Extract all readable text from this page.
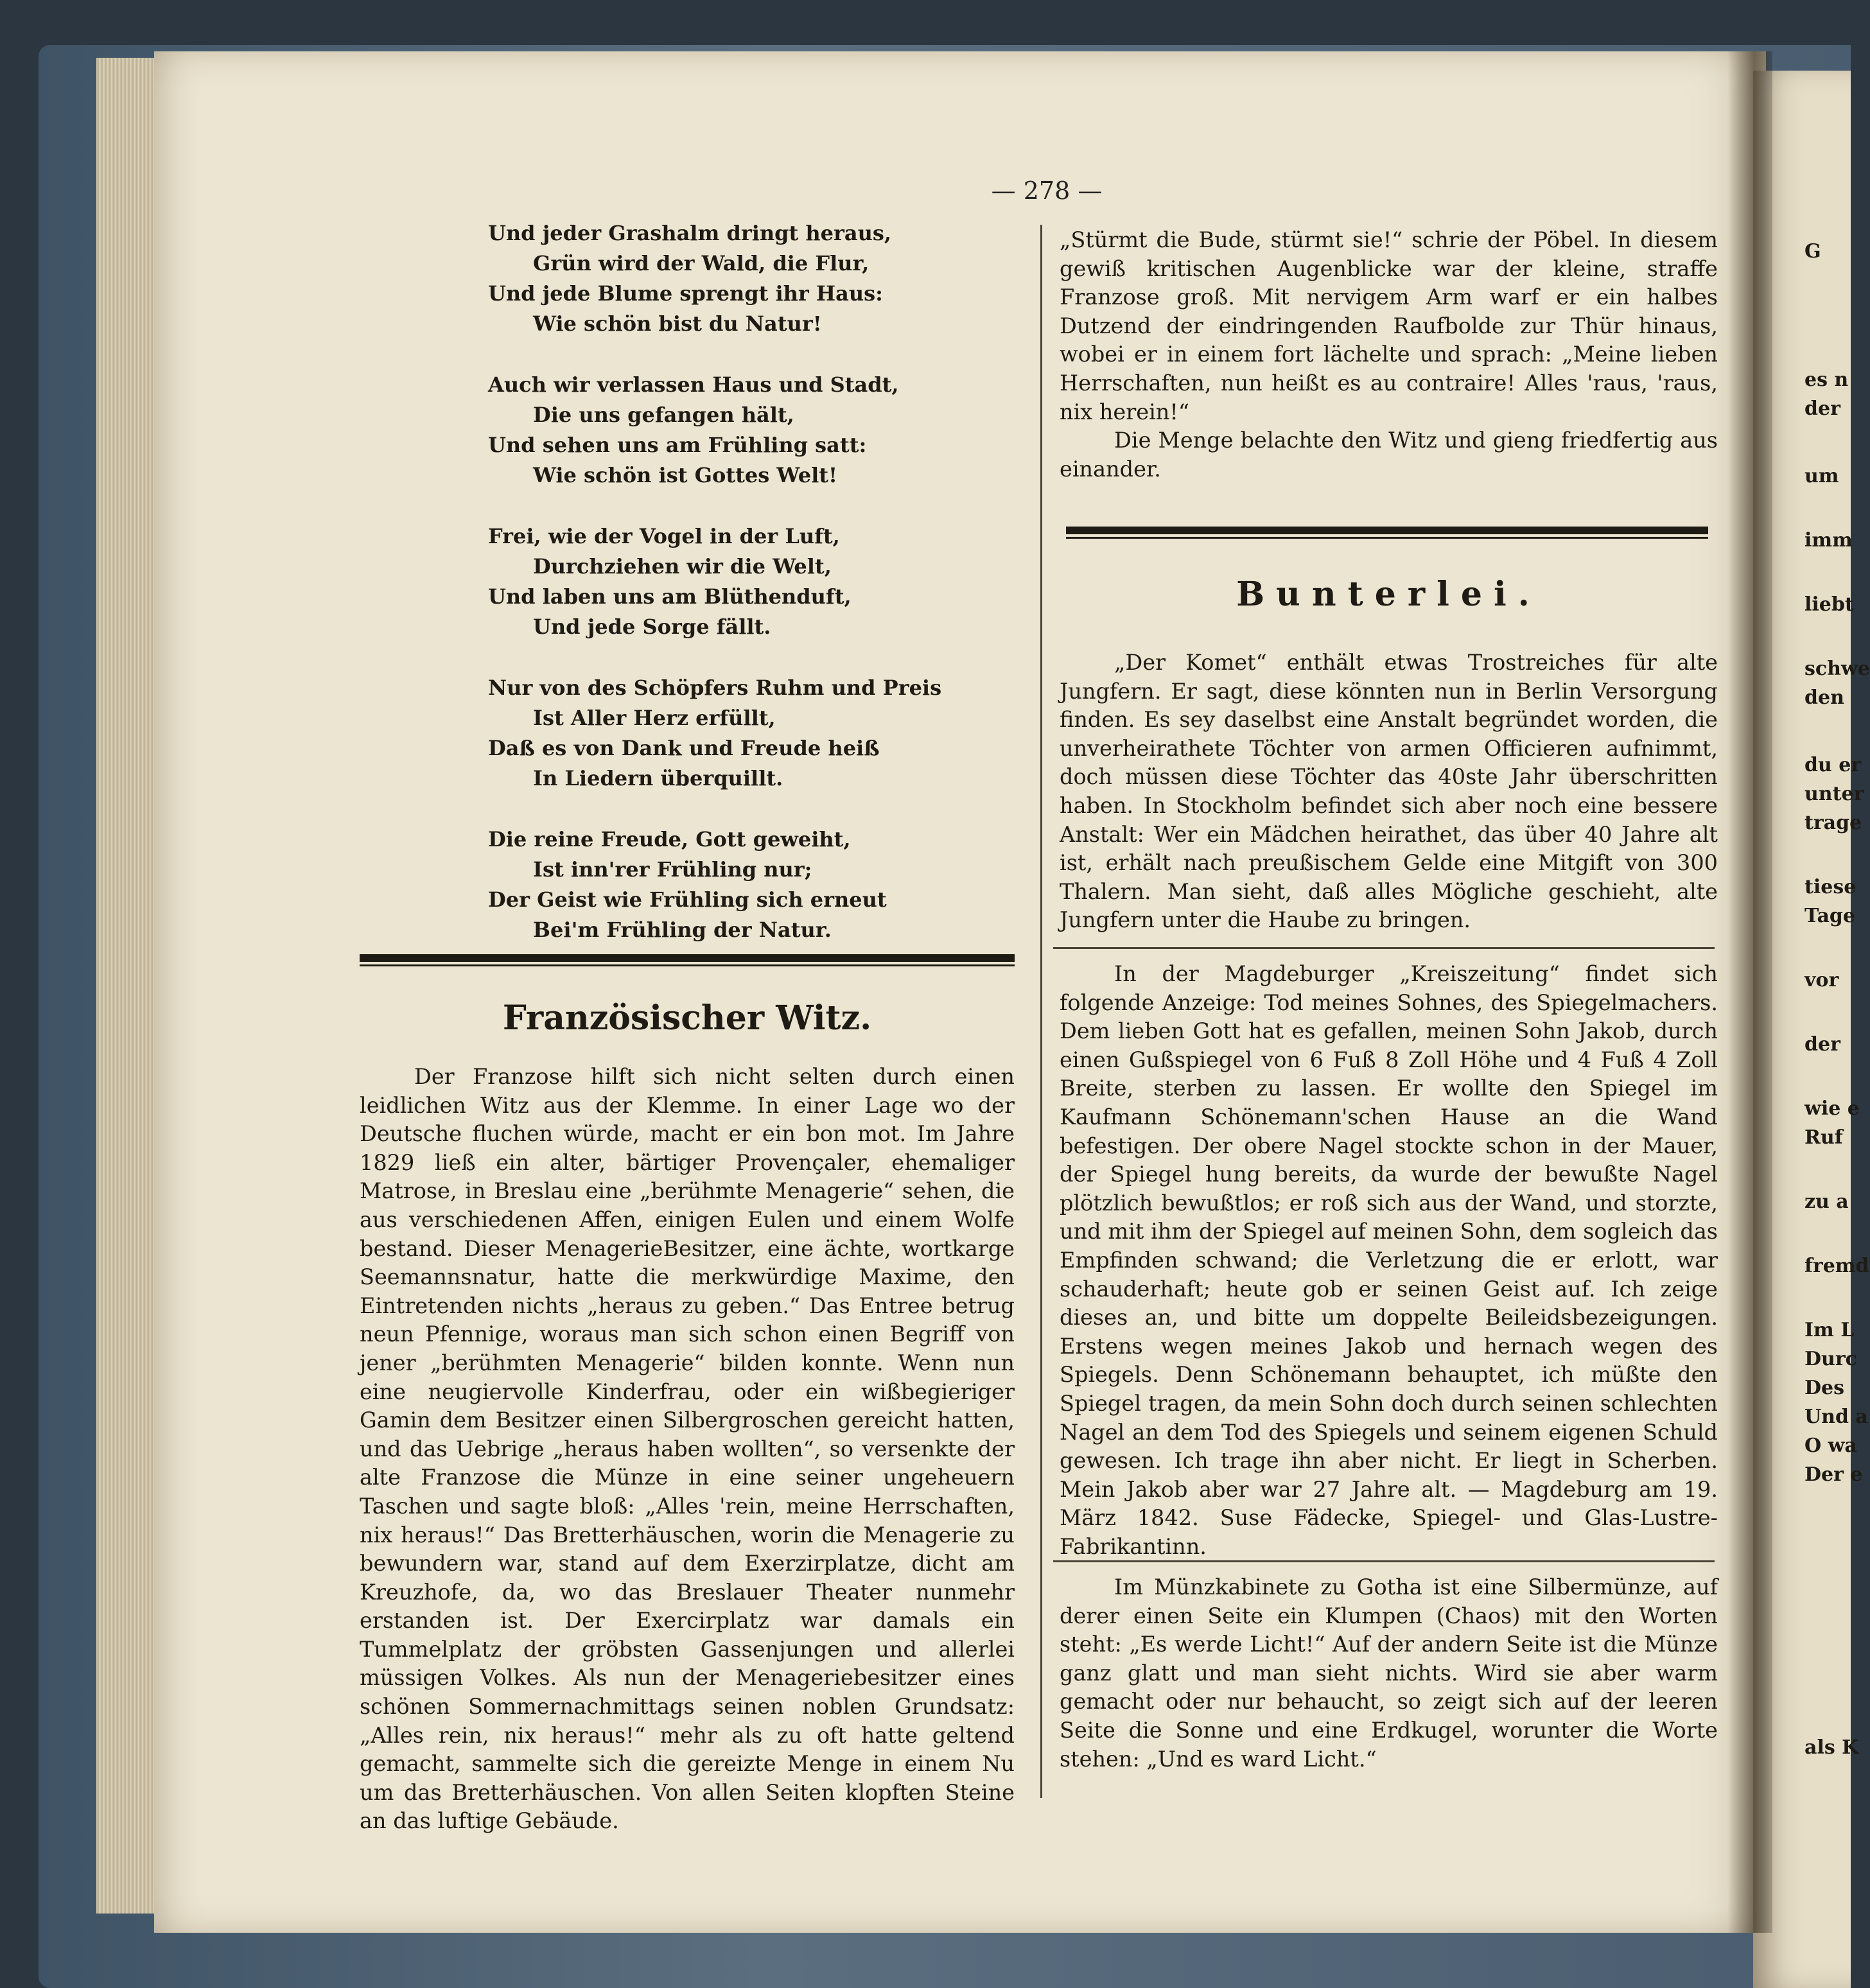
— 278 —
Und jeder Grashalm dringt heraus,
Grün wird der Wald, die Flur,
Und jede Blume sprengt ihr Haus:
Wie schön bist du Natur!
Auch wir verlassen Haus und Stadt,
Die uns gefangen hält,
Und sehen uns am Frühling satt:
Wie schön ist Gottes Welt!
Frei, wie der Vogel in der Luft,
Durchziehen wir die Welt,
Und laben uns am Blüthenduft,
Und jede Sorge fällt.
Nur von des Schöpfers Ruhm und Preis
Ist Aller Herz erfüllt,
Daß es von Dank und Freude heiß
In Liedern überquillt.
Die reine Freude, Gott geweiht,
Ist inn'rer Frühling nur;
Der Geist wie Frühling sich erneut
Bei'm Frühling der Natur.
Französischer Witz.

Der Franzose hilft sich nicht selten durch einen leidlichen Witz aus der Klemme. In einer Lage wo der Deutsche fluchen würde, macht er ein bon mot. Im Jahre 1829 ließ ein alter, bärtiger Provençaler, ehemaliger Matrose, in Breslau eine „berühmte Menagerie“ sehen, die aus verschiedenen Affen, einigen Eulen und einem Wolfe bestand. Dieser MenagerieBesitzer, eine ächte, wortkarge Seemannsnatur, hatte die merkwürdige Maxime, den Eintretenden nichts „heraus zu geben.“ Das Entree betrug neun Pfennige, woraus man sich schon einen Begriff von jener „berühmten Menagerie“ bilden konnte. Wenn nun eine neugiervolle Kinderfrau, oder ein wißbegieriger Gamin dem Besitzer einen Silbergroschen gereicht hatten, und das Uebrige „heraus haben wollten“, so versenkte der alte Franzose die Münze in eine seiner ungeheuern Taschen und sagte bloß: „Alles 'rein, meine Herrschaften, nix heraus!“ Das Bretterhäuschen, worin die Menagerie zu bewundern war, stand auf dem Exerzirplatze, dicht am Kreuzhofe, da, wo das Breslauer Theater nunmehr erstanden ist. Der Exercirplatz war damals ein Tummelplatz der gröbsten Gassenjungen und allerlei müssigen Volkes. Als nun der Menageriebesitzer eines schönen Sommernachmittags seinen noblen Grundsatz: „Alles rein, nix heraus!“ mehr als zu oft hatte geltend gemacht, sammelte sich die gereizte Menge in einem Nu um das Bretterhäuschen. Von allen Seiten klopften Steine an das luftige Gebäude.

„Stürmt die Bude, stürmt sie!“ schrie der Pöbel. In diesem gewiß kritischen Augenblicke war der kleine, straffe Franzose groß. Mit nervigem Arm warf er ein halbes Dutzend der eindringenden Raufbolde zur Thür hinaus, wobei er in einem fort lächelte und sprach: „Meine lieben Herrschaften, nun heißt es au contraire! Alles 'raus, 'raus, nix herein!“

Die Menge belachte den Witz und gieng friedfertig aus einander.

Bunterlei.

„Der Komet“ enthält etwas Trostreiches für alte Jungfern. Er sagt, diese könnten nun in Berlin Versorgung finden. Es sey daselbst eine Anstalt begründet worden, die unverheirathete Töchter von armen Officieren aufnimmt, doch müssen diese Töchter das 40ste Jahr überschritten haben. In Stockholm befindet sich aber noch eine bessere Anstalt: Wer ein Mädchen heirathet, das über 40 Jahre alt ist, erhält nach preußischem Gelde eine Mitgift von 300 Thalern. Man sieht, daß alles Mögliche geschieht, alte Jungfern unter die Haube zu bringen.

In der Magdeburger „Kreiszeitung“ findet sich folgende Anzeige: Tod meines Sohnes, des Spiegelmachers. Dem lieben Gott hat es gefallen, meinen Sohn Jakob, durch einen Gußspiegel von 6 Fuß 8 Zoll Höhe und 4 Fuß 4 Zoll Breite, sterben zu lassen. Er wollte den Spiegel im Kaufmann Schönemann'schen Hause an die Wand befestigen. Der obere Nagel stockte schon in der Mauer, der Spiegel hung bereits, da wurde der bewußte Nagel plötzlich bewußtlos; er roß sich aus der Wand, und storzte, und mit ihm der Spiegel auf meinen Sohn, dem sogleich das Empfinden schwand; die Verletzung die er erlott, war schauderhaft; heute gob er seinen Geist auf. Ich zeige dieses an, und bitte um doppelte Beileidsbezeigungen. Erstens wegen meines Jakob und hernach wegen des Spiegels. Denn Schönemann behauptet, ich müßte den Spiegel tragen, da mein Sohn doch durch seinen schlechten Nagel an dem Tod des Spiegels und seinem eigenen Schuld gewesen. Ich trage ihn aber nicht. Er liegt in Scherben. Mein Jakob aber war 27 Jahre alt. — Magdeburg am 19. März 1842. Suse Fädecke, Spiegel- und Glas-Lustre-Fabrikantinn.

Im Münzkabinete zu Gotha ist eine Silbermünze, auf derer einen Seite ein Klumpen (Chaos) mit den Worten steht: „Es werde Licht!“ Auf der andern Seite ist die Münze ganz glatt und man sieht nichts. Wird sie aber warm gemacht oder nur behaucht, so zeigt sich auf der leeren Seite die Sonne und eine Erdkugel, worunter die Worte stehen: „Und es ward Licht.“

G
es n
der
um
imm
liebt
schwe
den
du er
unter
trage
tiese
Tage
vor
der
wie e
Ruf
zu a
fremd
Im L
Durc
Des
Und a
O wa
Der e
als K
